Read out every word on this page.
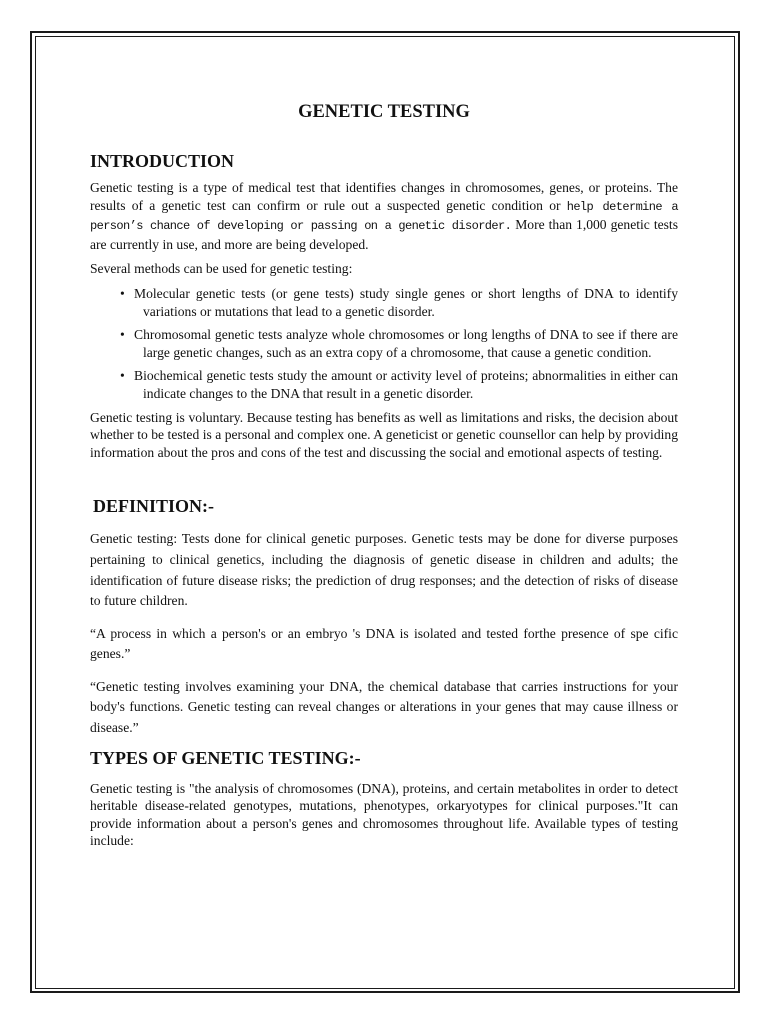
GENETIC TESTING
INTRODUCTION

Genetic testing is a type of medical test that identifies changes in chromosomes, genes, or proteins. The results of a genetic test can confirm or rule out a suspected genetic condition or help determine a person’s chance of developing or passing on a genetic disorder. More than 1,000 genetic tests are currently in use, and more are being developed.

Several methods can be used for genetic testing:

• Molecular genetic tests (or gene tests) study single genes or short lengths of DNA to identify variations or mutations that lead to a genetic disorder.
• Chromosomal genetic tests analyze whole chromosomes or long lengths of DNA to see if there are large genetic changes, such as an extra copy of a chromosome, that cause a genetic condition.
• Biochemical genetic tests study the amount or activity level of proteins; abnormalities in either can indicate changes to the DNA that result in a genetic disorder.

Genetic testing is voluntary. Because testing has benefits as well as limitations and risks, the decision about whether to be tested is a personal and complex one. A geneticist or genetic counsellor can help by providing information about the pros and cons of the test and discussing the social and emotional aspects of testing.

DEFINITION:-

Genetic testing: Tests done for clinical genetic purposes. Genetic tests may be done for diverse purposes pertaining to clinical genetics, including the diagnosis of genetic disease in children and adults; the identification of future disease risks; the prediction of drug responses; and the detection of risks of disease to future children.

“A process in which a person's or an embryo 's DNA is isolated and tested forthe presence of spe cific genes.”

“Genetic testing involves examining your DNA, the chemical database that carries instructions for your body's functions. Genetic testing can reveal changes or alterations in your genes that may cause illness or disease.”

TYPES OF GENETIC TESTING:-

Genetic testing is "the analysis of chromosomes (DNA), proteins, and certain metabolites in order to detect heritable disease-related genotypes, mutations, phenotypes, orkaryotypes for clinical purposes."It can provide information about a person's genes and chromosomes throughout life. Available types of testing include:
